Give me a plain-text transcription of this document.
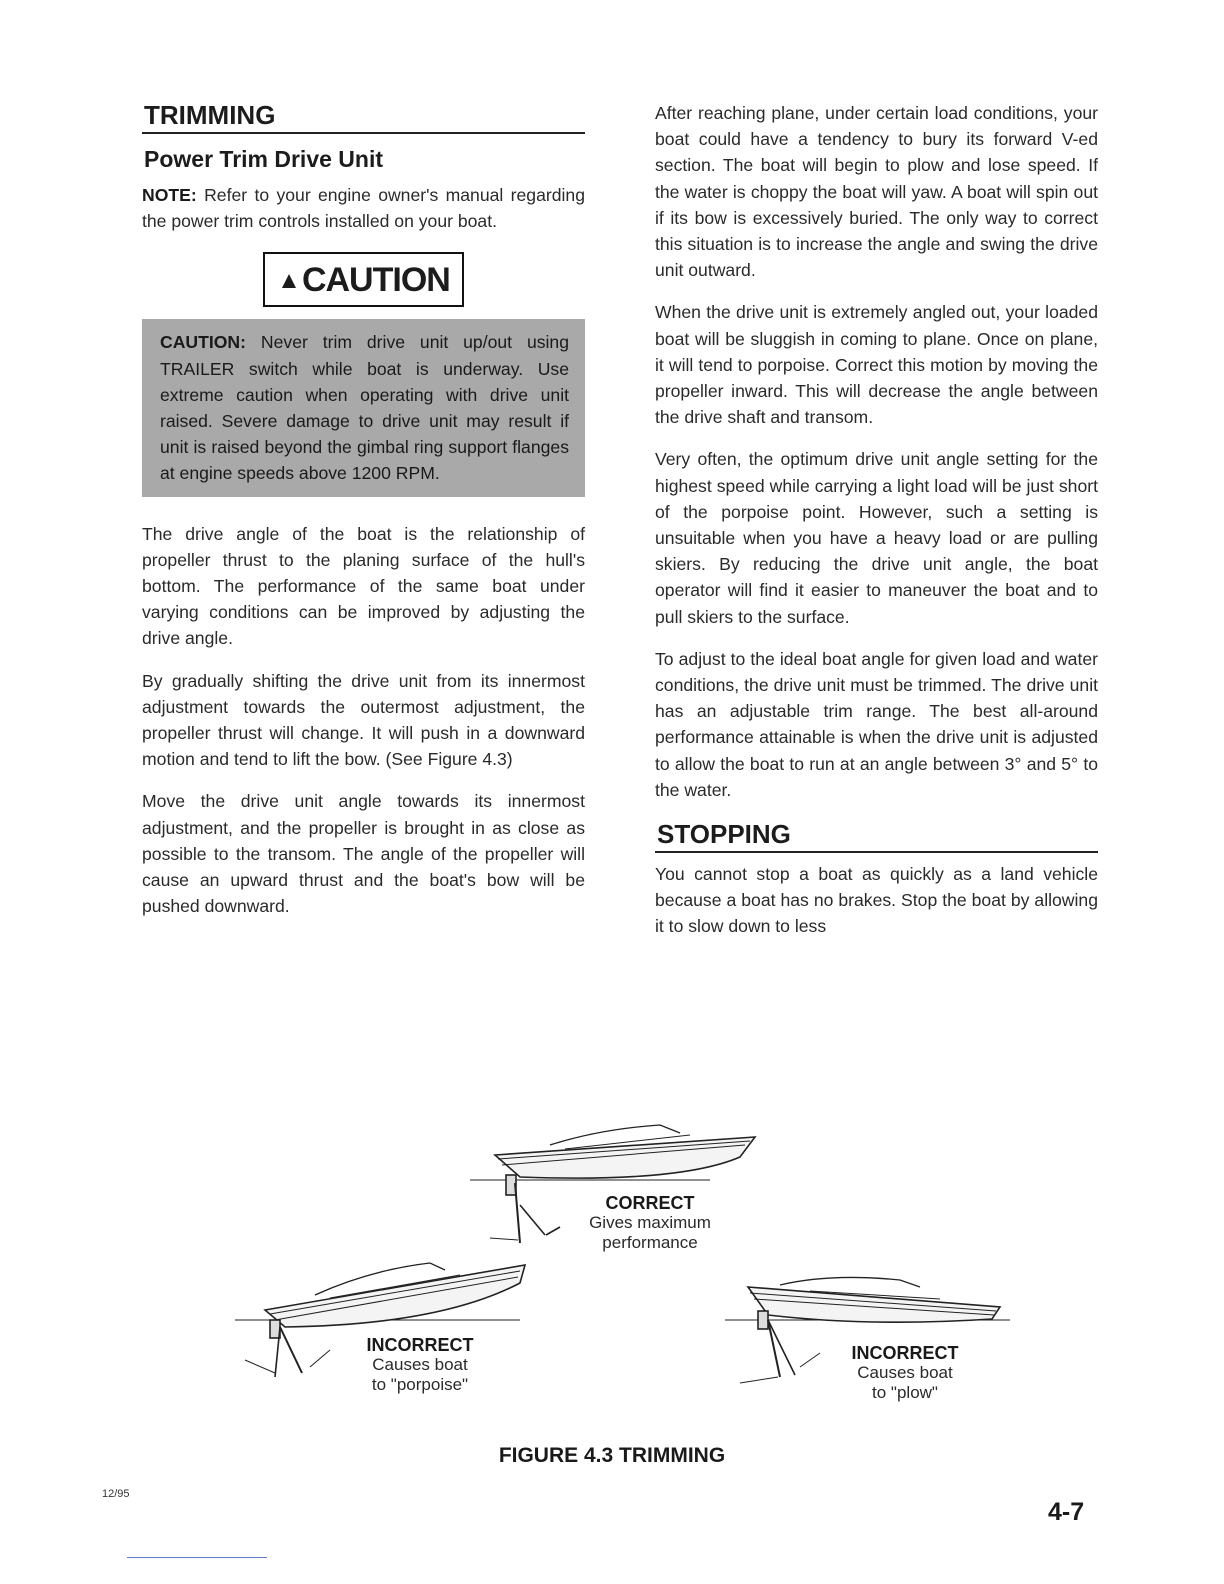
TRIMMING
Power Trim Drive Unit

NOTE: Refer to your engine owner's manual regarding the power trim controls installed on your boat.

▲CAUTION

CAUTION: Never trim drive unit up/out using TRAILER switch while boat is underway. Use extreme caution when operating with drive unit raised. Severe damage to drive unit may result if unit is raised beyond the gimbal ring support flanges at engine speeds above 1200 RPM.

The drive angle of the boat is the relationship of propeller thrust to the planing surface of the hull's bottom. The performance of the same boat under varying conditions can be improved by adjusting the drive angle.

By gradually shifting the drive unit from its innermost adjustment towards the outermost adjustment, the propeller thrust will change. It will push in a downward motion and tend to lift the bow. (See Figure 4.3)

Move the drive unit angle towards its innermost adjustment, and the propeller is brought in as close as possible to the transom. The angle of the propeller will cause an upward thrust and the boat's bow will be pushed downward.

After reaching plane, under certain load conditions, your boat could have a tendency to bury its forward V-ed section. The boat will begin to plow and lose speed. If the water is choppy the boat will yaw. A boat will spin out if its bow is excessively buried. The only way to correct this situation is to increase the angle and swing the drive unit outward.

When the drive unit is extremely angled out, your loaded boat will be sluggish in coming to plane. Once on plane, it will tend to porpoise. Correct this motion by moving the propeller inward. This will decrease the angle between the drive shaft and transom.

Very often, the optimum drive unit angle setting for the highest speed while carrying a light load will be just short of the porpoise point. However, such a setting is unsuitable when you have a heavy load or are pulling skiers. By reducing the drive unit angle, the boat operator will find it easier to maneuver the boat and to pull skiers to the surface.

To adjust to the ideal boat angle for given load and water conditions, the drive unit must be trimmed. The drive unit has an adjustable trim range. The best all-around performance attainable is when the drive unit is adjusted to allow the boat to run at an angle between 3° and 5° to the water.

STOPPING

You cannot stop a boat as quickly as a land vehicle because a boat has no brakes. Stop the boat by allowing it to slow down to less

CORRECT
Gives maximum
performance
INCORRECT
Causes boat
to "porpoise"
INCORRECT
Causes boat
to "plow"
FIGURE 4.3 TRIMMING
12/95
4-7
